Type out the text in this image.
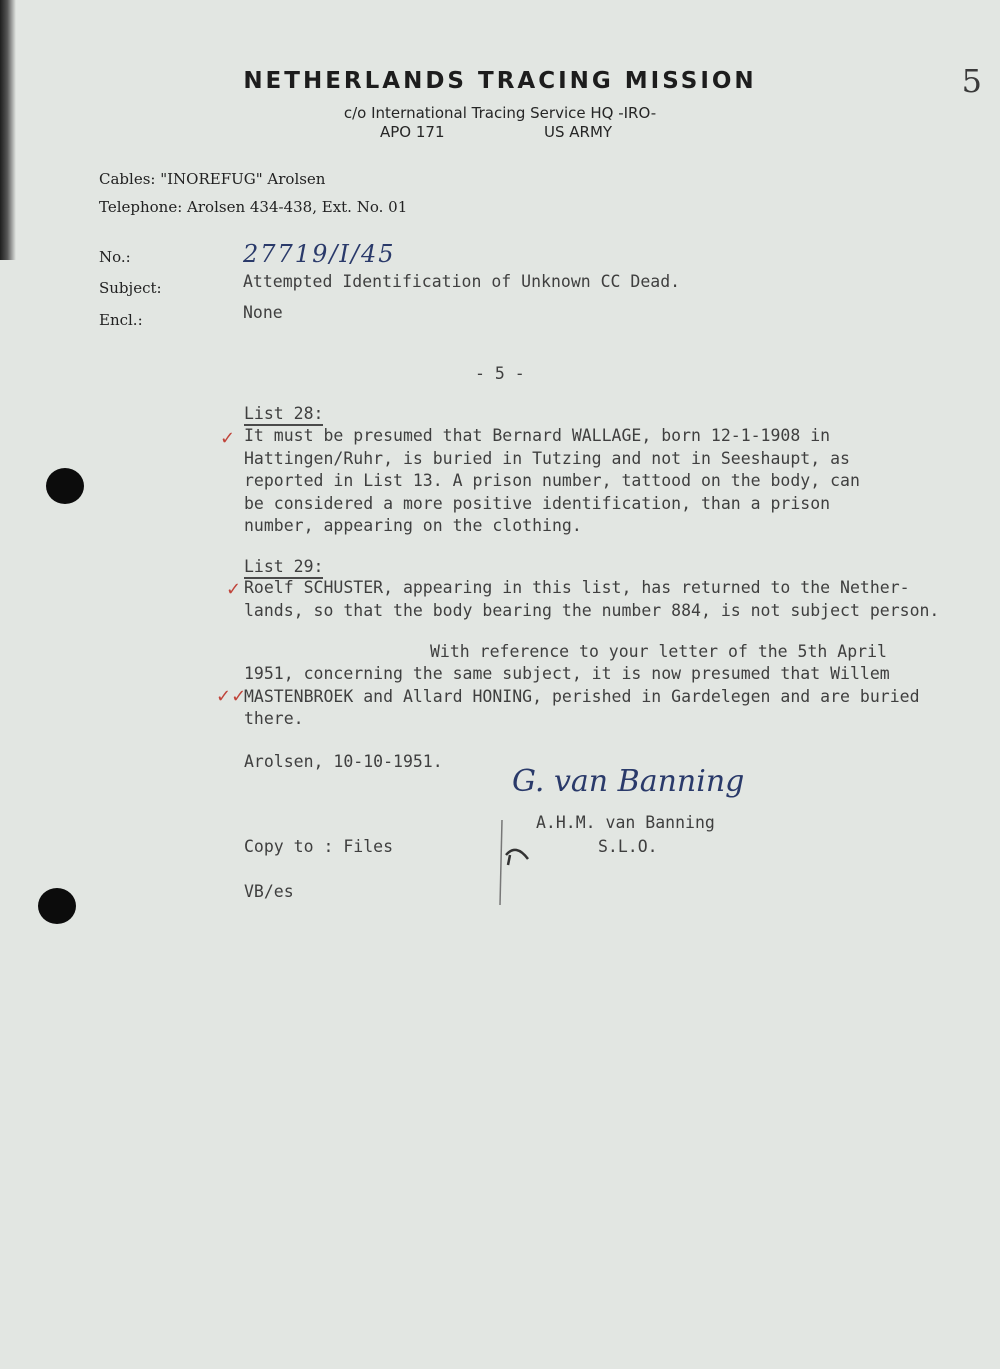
NETHERLANDS TRACING MISSION
c/o International Tracing Service HQ -IRO-
APO 171	US ARMY
5
Cables: "INOREFUG" Arolsen
Telephone: Arolsen 434-438, Ext. No. 01
No.:	27719/I/45
Subject:	Attempted Identification of Unknown CC Dead.
Encl.:	None
- 5 -
List 28:
✓ It must be presumed that Bernard WALLAGE, born 12-1-1908 in
Hattingen/Ruhr, is buried in Tutzing and not in Seeshaupt, as
reported in List 13. A prison number, tattood on the body, can
be considered a more positive identification, than a prison
number, appearing on the clothing.
List 29:
✓ Roelf SCHUSTER, appearing in this list, has returned to the Nether-
lands, so that the body bearing the number 884, is not subject person.
With reference to your letter of the 5th April
✓✓
1951, concerning the same subject, it is now presumed that Willem
MASTENBROEK and Allard HONING, perished in Gardelegen and are buried
there.
Arolsen, 10-10-1951.
G. van Banning
A.H.M. van Banning
S.L.O.
Copy to : Files
VB/es
